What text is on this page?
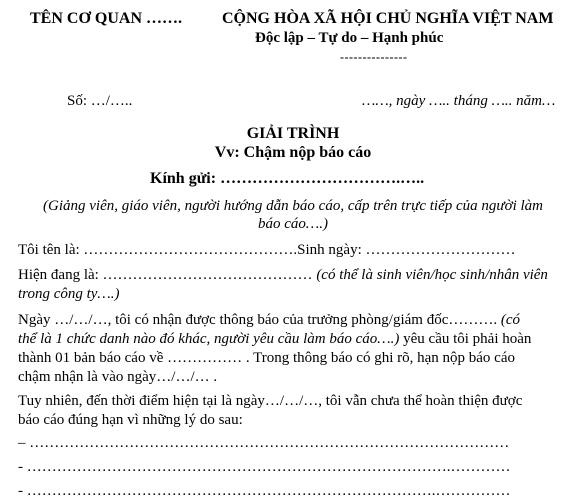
TÊN CƠ QUAN ……. CỘNG HÒA XÃ HỘI CHỦ NGHĨA VIỆT NAM
Độc lập – Tự do – Hạnh phúc
---------------
Số: …/…..	……, ngày ….. tháng ….. năm…
GIẢI TRÌNH
Vv: Chậm nộp báo cáo
Kính gửi: …………………………….…..
(Giảng viên, giáo viên, người hướng dẫn báo cáo, cấp trên trực tiếp của người làm
báo cáo….)
Tôi tên là: …………………………………….Sinh ngày: …………………………
Hiện đang là: …………………………………… (có thể là sinh viên/học sinh/nhân viên
trong công ty….)
Ngày …/…/…, tôi có nhận được thông báo của trưởng phòng/giám đốc………. (có
thể là 1 chức danh nào đó khác, người yêu cầu làm báo cáo….) yêu cầu tôi phải hoàn
thành 01 bản báo cáo về …………… . Trong thông báo có ghi rõ, hạn nộp báo cáo
chậm nhận là vào ngày…/…/… .
Tuy nhiên, đến thời điểm hiện tại là ngày…/…/…, tôi vẫn chưa thể hoàn thiện được
báo cáo đúng hạn vì những lý do sau:
– ……………………………………………………………………………………
- ………………………………………………………………………….…………
- ……………………………………………………………………….……………
